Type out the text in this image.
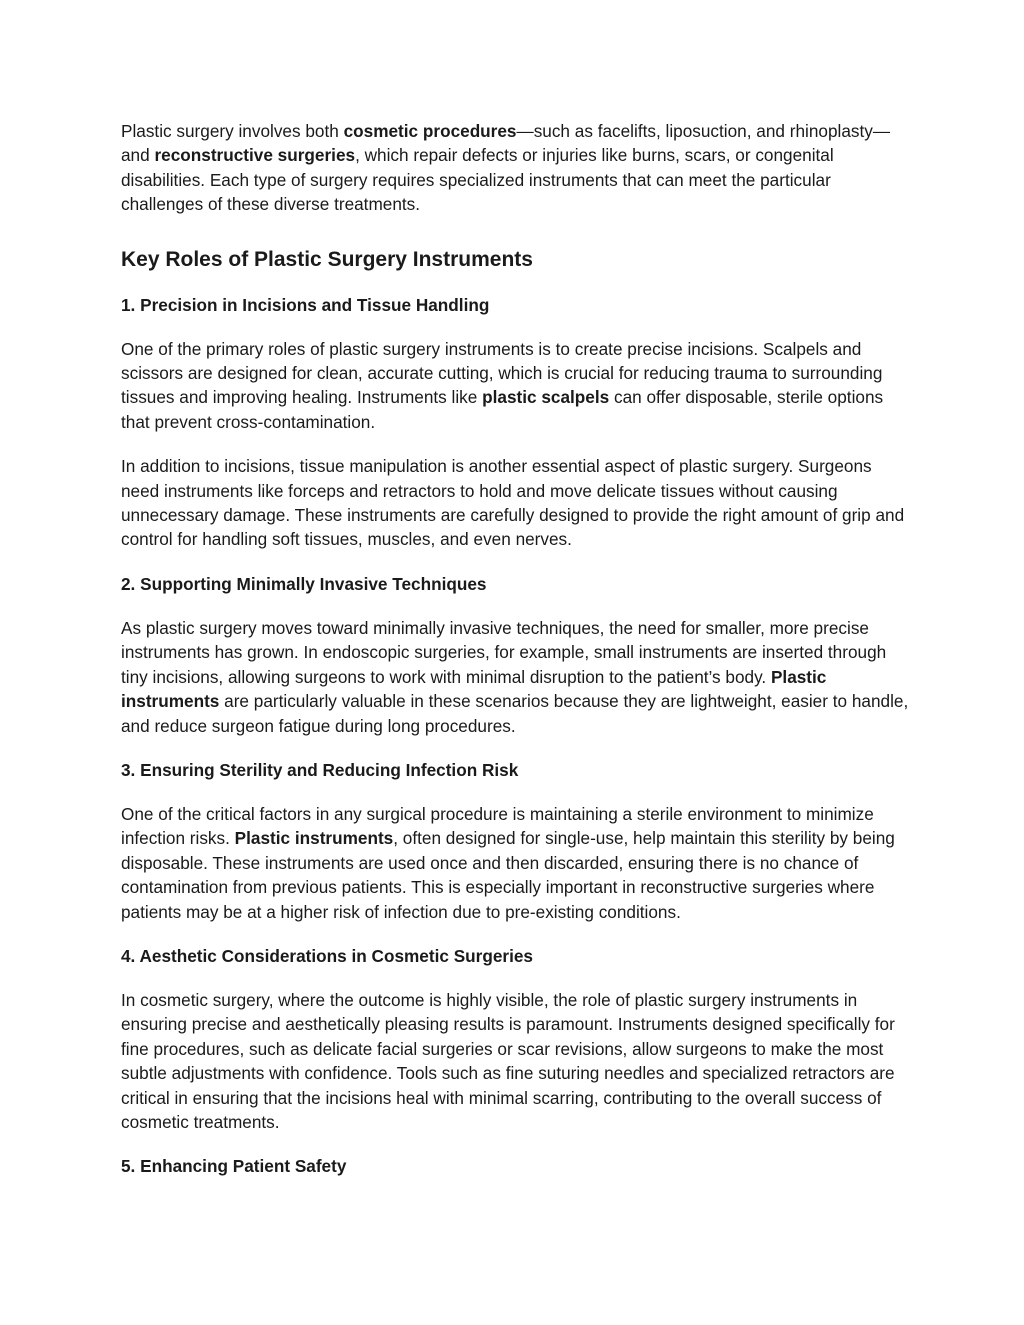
Plastic surgery involves both cosmetic procedures—such as facelifts, liposuction, and rhinoplasty—and reconstructive surgeries, which repair defects or injuries like burns, scars, or congenital disabilities. Each type of surgery requires specialized instruments that can meet the particular challenges of these diverse treatments.

Key Roles of Plastic Surgery Instruments
1. Precision in Incisions and Tissue Handling

One of the primary roles of plastic surgery instruments is to create precise incisions. Scalpels and scissors are designed for clean, accurate cutting, which is crucial for reducing trauma to surrounding tissues and improving healing. Instruments like plastic scalpels can offer disposable, sterile options that prevent cross-contamination.

In addition to incisions, tissue manipulation is another essential aspect of plastic surgery. Surgeons need instruments like forceps and retractors to hold and move delicate tissues without causing unnecessary damage. These instruments are carefully designed to provide the right amount of grip and control for handling soft tissues, muscles, and even nerves.

2. Supporting Minimally Invasive Techniques

As plastic surgery moves toward minimally invasive techniques, the need for smaller, more precise instruments has grown. In endoscopic surgeries, for example, small instruments are inserted through tiny incisions, allowing surgeons to work with minimal disruption to the patient’s body. Plastic instruments are particularly valuable in these scenarios because they are lightweight, easier to handle, and reduce surgeon fatigue during long procedures.

3. Ensuring Sterility and Reducing Infection Risk

One of the critical factors in any surgical procedure is maintaining a sterile environment to minimize infection risks. Plastic instruments, often designed for single-use, help maintain this sterility by being disposable. These instruments are used once and then discarded, ensuring there is no chance of contamination from previous patients. This is especially important in reconstructive surgeries where patients may be at a higher risk of infection due to pre-existing conditions.

4. Aesthetic Considerations in Cosmetic Surgeries

In cosmetic surgery, where the outcome is highly visible, the role of plastic surgery instruments in ensuring precise and aesthetically pleasing results is paramount. Instruments designed specifically for fine procedures, such as delicate facial surgeries or scar revisions, allow surgeons to make the most subtle adjustments with confidence. Tools such as fine suturing needles and specialized retractors are critical in ensuring that the incisions heal with minimal scarring, contributing to the overall success of cosmetic treatments.

5. Enhancing Patient Safety
